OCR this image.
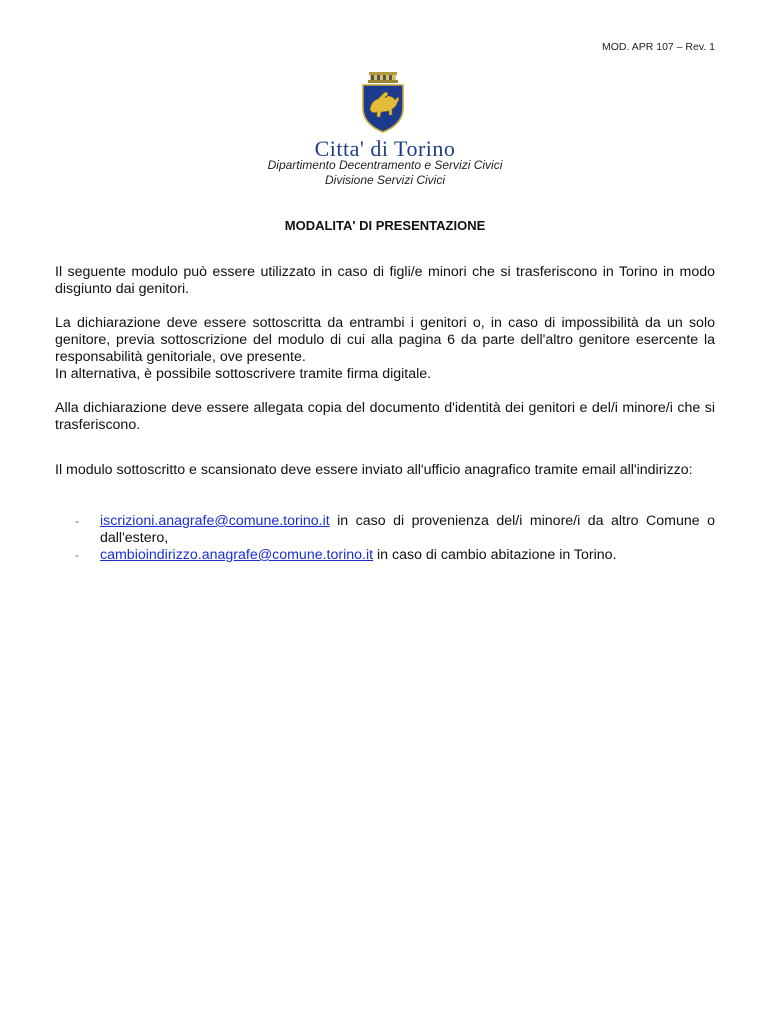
MOD. APR 107 – Rev. 1
Citta' di Torino
Dipartimento Decentramento e Servizi Civici
Divisione Servizi Civici
MODALITA' DI PRESENTAZIONE

Il seguente modulo può essere utilizzato in caso di figli/e minori che si trasferiscono in Torino in modo disgiunto dai genitori.

La dichiarazione deve essere sottoscritta da entrambi i genitori o, in caso di impossibilità da un solo genitore, previa sottoscrizione del modulo di cui alla pagina 6 da parte dell'altro genitore esercente la responsabilità genitoriale, ove presente.
In alternativa, è possibile sottoscrivere tramite firma digitale.

Alla dichiarazione deve essere allegata copia del documento d'identità dei genitori e del/i minore/i che si trasferiscono.

Il modulo sottoscritto e scansionato deve essere inviato all'ufficio anagrafico tramite email all'indirizzo:

- iscrizioni.anagrafe@comune.torino.it in caso di provenienza del/i minore/i da altro Comune o dall'estero,
- cambioindirizzo.anagrafe@comune.torino.it in caso di cambio abitazione in Torino.
